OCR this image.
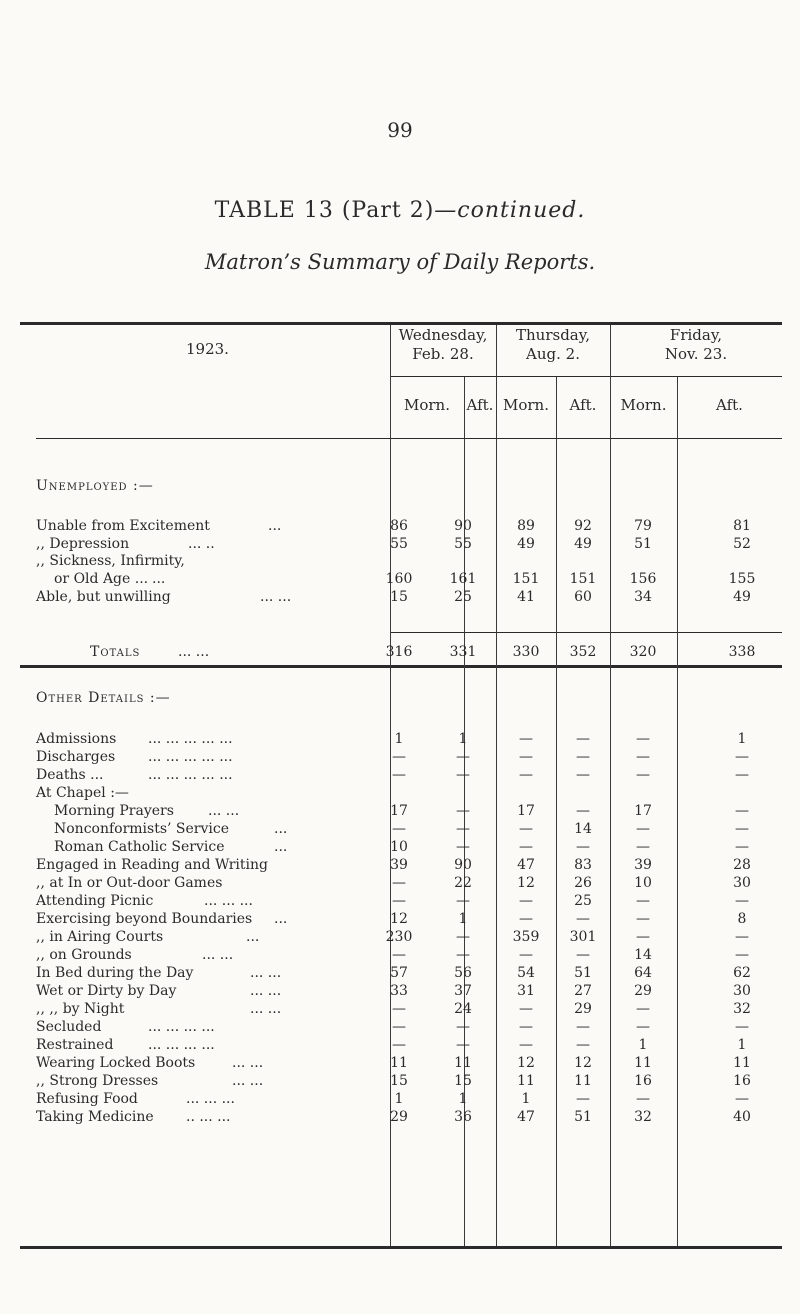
99
TABLE 13 (Part 2)—continued.
Matron’s Summary of Daily Reports.
1923.
Wednesday,
Feb. 28.
Thursday,
Aug. 2.
Friday,
Nov. 23.
Morn.	Aft. Morn.	Aft.	Morn.	Aft.
Unemployed :—
Unable from Excitement	...	86	90	89	92	79	81
,, Depression	... ..	55	55	49	49	51	52
,, Sickness, Infirmity,
or Old Age ... ...	160	161	151	151	156	155
Able, but unwilling	... ...	15	25	41	60	34	49
Totals	... ...	316	331	330	352	320	338
Other Details :—
Admissions ... ... ... ... ...	1	1	—	—	—	1
Discharges ... ... ... ... ...	—	—	—	—	—	—
Deaths ...	... ... ... ... ...	—	—	—	—	—	—
At Chapel :—
Morning Prayers ... ...	17	—	17	—	17	—
Nonconformists’ Service	...	—	—	—	14	—	—
Roman Catholic Service	...	10	—	—	—	—	—
Engaged in Reading and Writing	39	90	47	83	39	28
,, at In or Out-door Games	—	22	12	26	10	30
Attending Picnic	... ... ...	—	—	—	25	—	—
Exercising beyond Boundaries ...	12	1	—	—	—	8
,, in Airing Courts	...	230	—	359	301	—	—
,, on Grounds	... ...	—	—	—	—	14	—
In Bed during the Day	... ...	57	56	54	51	64	62
Wet or Dirty by Day	... ...	33	37	31	27	29	30
,, ,, by Night	... ...	—	24	—	29	—	32
Secluded	... ... ... ...	—	—	—	—	—	—
Restrained ... ... ... ...	—	—	—	—	1	1
Wearing Locked Boots	... ...	11	11	12	12	11	11
,, Strong Dresses	... ...	15	15	11	11	16	16
Refusing Food	... ... ...	1	1	1	—	—	—
Taking Medicine .. ... ...	29	36	47	51	32	40
